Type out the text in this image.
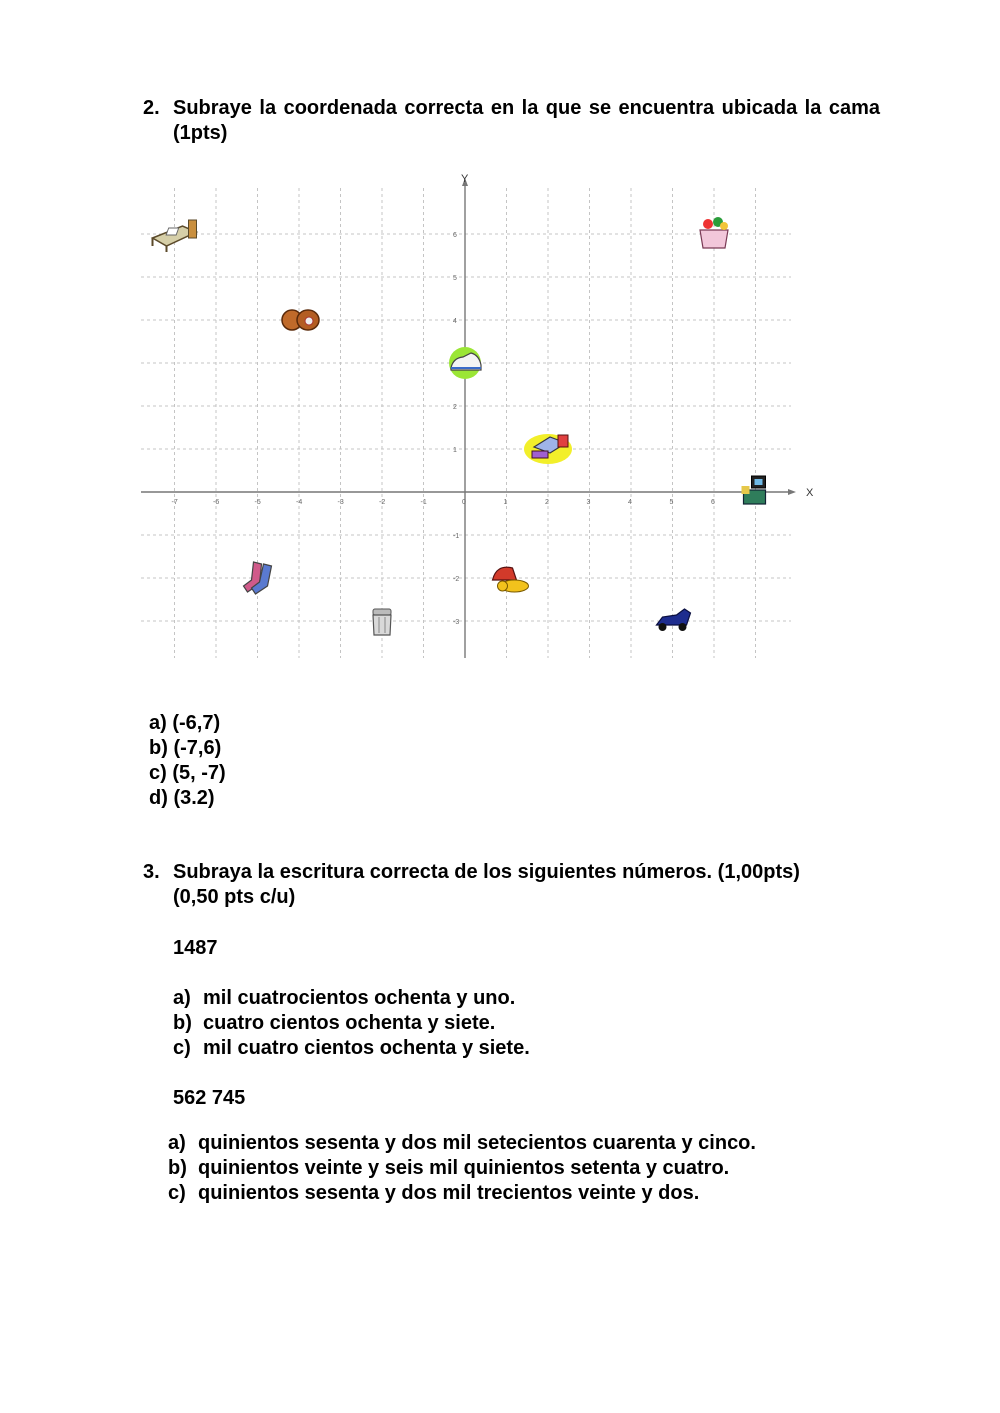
2. Subraye la coordenada correcta en la que se encuentra ubicada la cama (1pts)
X
Y
-7	-6	-5	-4	-3	-2	-1	0	1	2	3	4	5	6
-3
-2
-1
1
2
4
5
6
a) (-6,7)
b) (-7,6)
c) (5, -7)
d) (3.2)
3. Subraya la escritura correcta de los siguientes números. (1,00pts)
(0,50 pts c/u)
1487
a) mil cuatrocientos ochenta y uno.
b) cuatro cientos ochenta y siete.
c) mil cuatro cientos ochenta y siete.
562 745
a) quinientos sesenta y dos mil setecientos cuarenta y cinco.
b) quinientos veinte y seis mil quinientos setenta y cuatro.
c) quinientos sesenta y dos mil trecientos veinte y dos.
